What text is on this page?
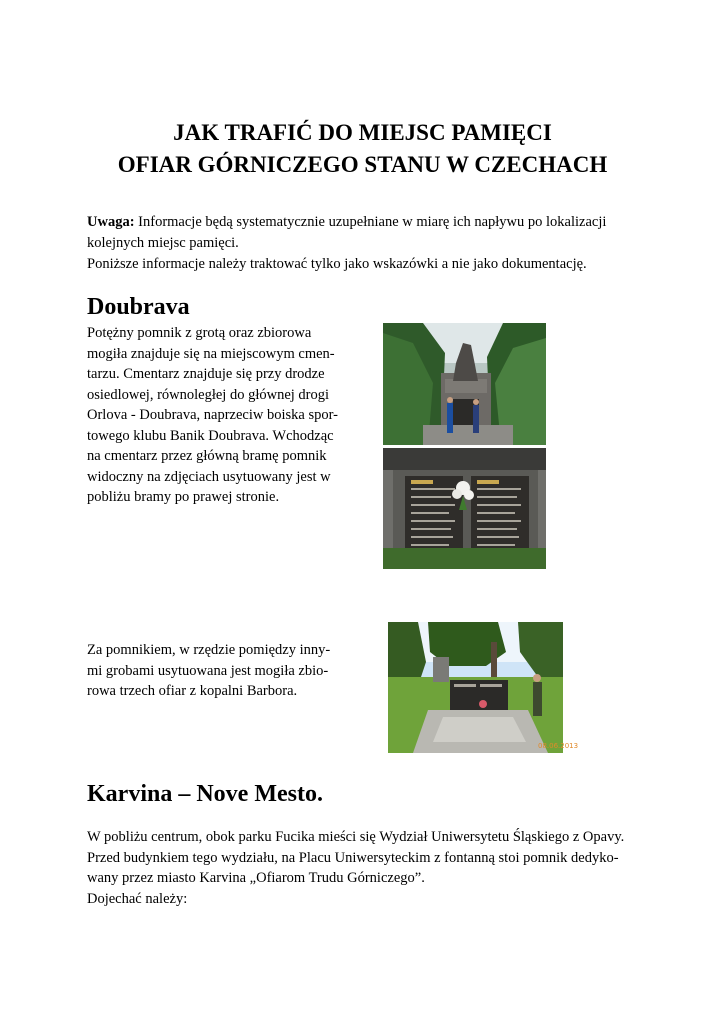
JAK TRAFIĆ DO MIEJSC PAMIĘCI
OFIAR GÓRNICZEGO STANU W CZECHACH
Uwaga: Informacje będą systematycznie uzupełniane w miarę ich napływu po lokalizacji
kolejnych miejsc pamięci.
Poniższe informacje należy traktować tylko jako wskazówki a nie jako dokumentację.
Doubrava
Potężny pomnik z grotą oraz zbiorowa
mogiła znajduje się na miejscowym cmen-
tarzu. Cmentarz znajduje się przy drodze
osiedlowej, równoległej do głównej drogi
Orlova - Doubrava, naprzeciw boiska spor-
towego klubu Banik Doubrava. Wchodząc
na cmentarz przez główną bramę pomnik
widoczny na zdjęciach usytuowany jest w
pobliżu bramy po prawej stronie.
Za pomnikiem, w rzędzie pomiędzy inny-
mi grobami usytuowana jest mogiła zbio-
rowa trzech ofiar z kopalni Barbora.
08.06.2013
Karvina – Nove Mesto.
W pobliżu centrum, obok parku Fucika mieści się Wydział Uniwersytetu Śląskiego z Opavy.
Przed budynkiem tego wydziału, na Placu Uniwersyteckim z fontanną stoi pomnik dedyko-
wany przez miasto Karvina „Ofiarom Trudu Górniczego”.
Dojechać należy:
